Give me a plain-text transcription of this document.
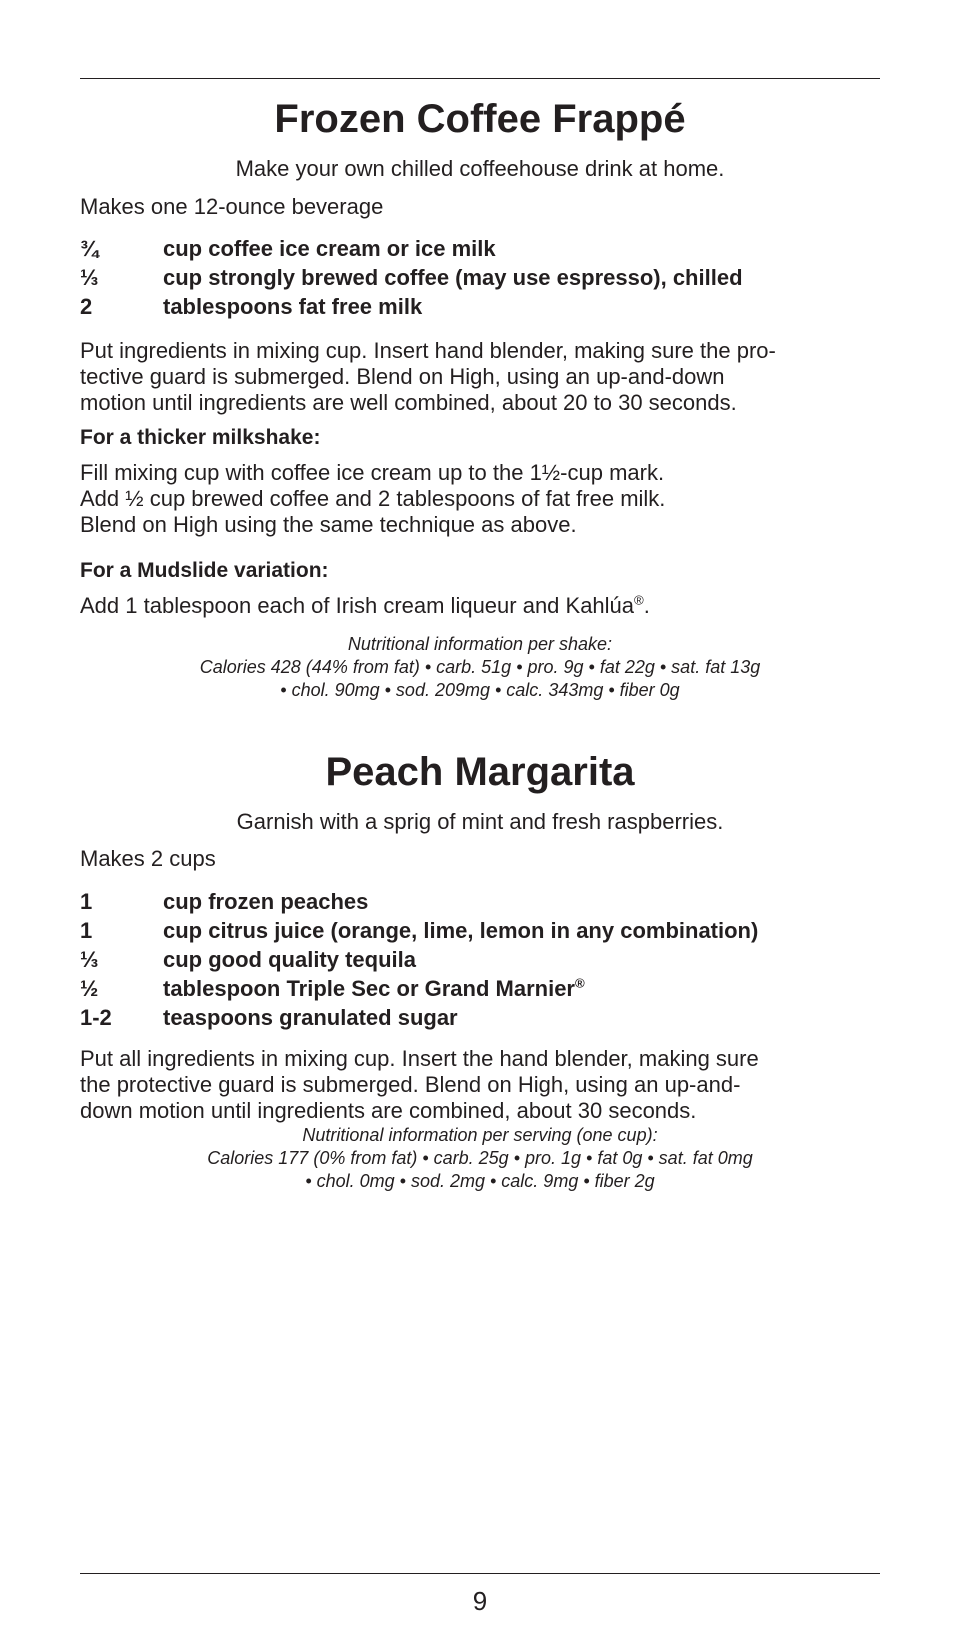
Frozen Coffee Frappé

Make your own chilled coffeehouse drink at home.

Makes one 12-ounce beverage

¾	cup coffee ice cream or ice milk
⅓	cup strongly brewed coffee (may use espresso), chilled
2	tablespoons fat free milk
Put ingredients in mixing cup. Insert hand blender, making sure the pro-
tective guard is submerged. Blend on High, using an up-and-down
motion until ingredients are well combined, about 20 to 30 seconds.

For a thicker milkshake:

Fill mixing cup with coffee ice cream up to the 1½-cup mark.
Add ½ cup brewed coffee and 2 tablespoons of fat free milk.
Blend on High using the same technique as above.

For a Mudslide variation:

Add 1 tablespoon each of Irish cream liqueur and Kahlúa®.
Nutritional information per shake:
Calories 428 (44% from fat) • carb. 51g • pro. 9g • fat 22g • sat. fat 13g
• chol. 90mg • sod. 209mg • calc. 343mg • fiber 0g
Peach Margarita

Garnish with a sprig of mint and fresh raspberries.

Makes 2 cups

1	cup frozen peaches
1	cup citrus juice (orange, lime, lemon in any combination)
⅓	cup good quality tequila
½	tablespoon Triple Sec or Grand Marnier®
1-2	teaspoons granulated sugar
Put all ingredients in mixing cup. Insert the hand blender, making sure
the protective guard is submerged. Blend on High, using an up-and-
down motion until ingredients are combined, about 30 seconds.
Nutritional information per serving (one cup):
Calories 177 (0% from fat) • carb. 25g • pro. 1g • fat 0g • sat. fat 0mg
• chol. 0mg • sod. 2mg • calc. 9mg • fiber 2g
9
